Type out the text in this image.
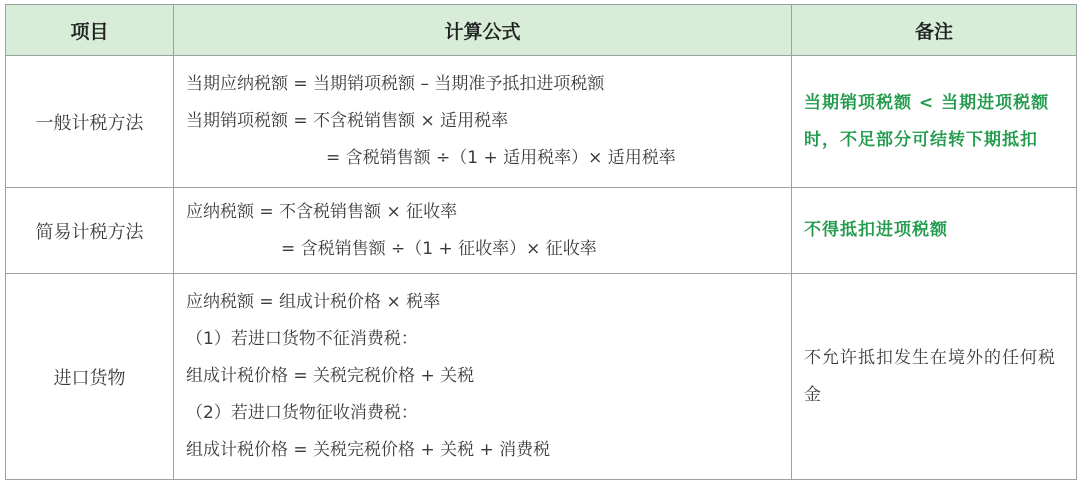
项目	计算公式	备注
一般计税方法	当期应纳税额 = 当期销项税额 – 当期准予抵扣进项税额
当期销项税额 = 不含税销售额 × 适用税率
= 含税销售额 ÷（1 + 适用税率）× 适用税率	当期销项税额 < 当期进项税额时，不足部分可结转下期抵扣
简易计税方法	应纳税额 = 不含税销售额 × 征收率
= 含税销售额 ÷（1 + 征收率）× 征收率	不得抵扣进项税额
进口货物	应纳税额 = 组成计税价格 × 税率
（1）若进口货物不征消费税：
组成计税价格 = 关税完税价格 + 关税
（2）若进口货物征收消费税：
组成计税价格 = 关税完税价格 + 关税 + 消费税	不允许抵扣发生在境外的任何税金
